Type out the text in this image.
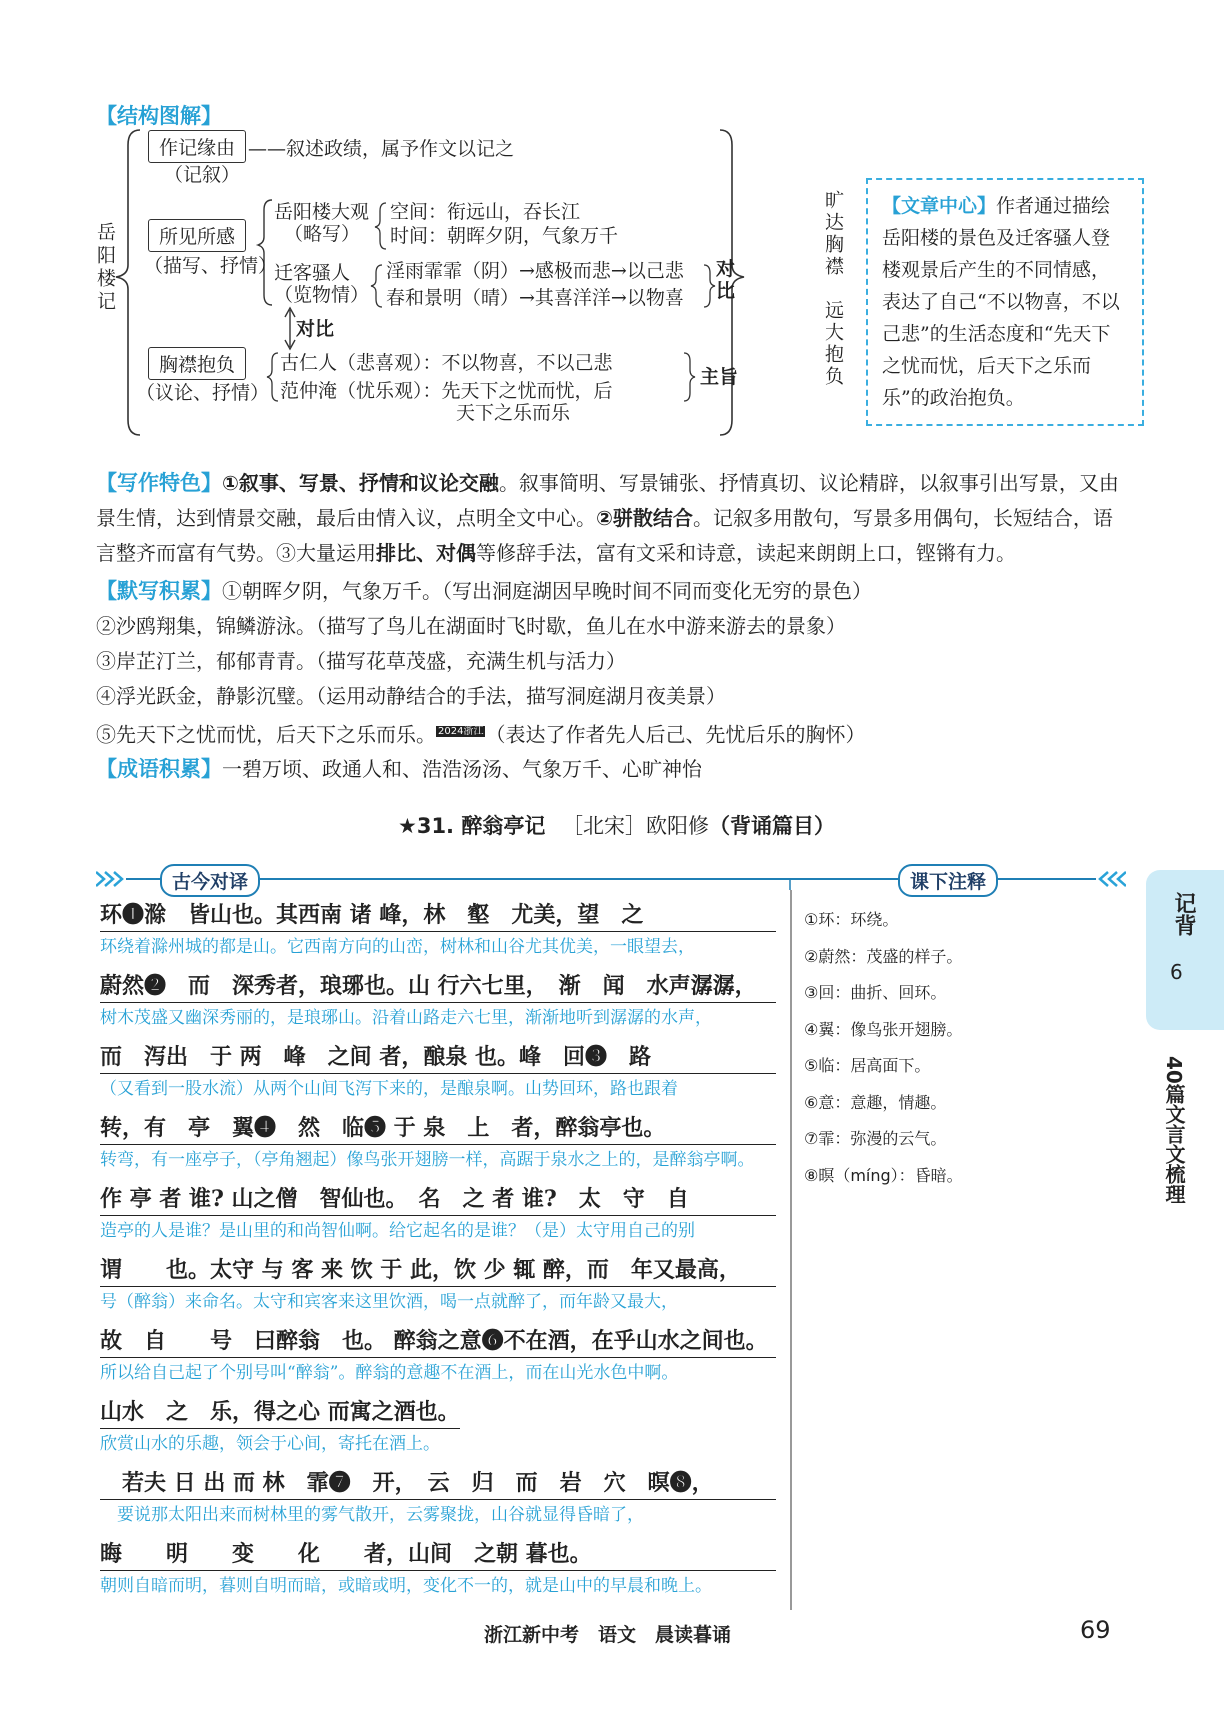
【结构图解】
岳阳楼记
作记缘由
（记叙）
——叙述政绩，属予作文以记之
所见所感
（描写、抒情）
岳阳楼大观
（略写）
空间：衔远山，吞长江
时间：朝晖夕阴，气象万千
迁客骚人
（览物情）
淫雨霏霏（阴）→感极而悲→以己悲
春和景明（晴）→其喜洋洋→以物喜
对比
对比
胸襟抱负
（议论、抒情）
古仁人（悲喜观）：不以物喜，不以己悲
范仲淹（忧乐观）：先天下之忧而忧，后
天下之乐而乐
主旨
旷达胸襟
远大抱负
【文章中心】作者通过描绘岳阳楼的景色及迁客骚人登楼观景后产生的不同情感，表达了自己“不以物喜，不以己悲”的生活态度和“先天下之忧而忧，后天下之乐而乐”的政治抱负。
【写作特色】①叙事、写景、抒情和议论交融。叙事简明、写景铺张、抒情真切、议论精辟，以叙事引出写景，又由景生情，达到情景交融，最后由情入议，点明全文中心。②骈散结合。记叙多用散句，写景多用偶句，长短结合，语言整齐而富有气势。③大量运用排比、对偶等修辞手法，富有文采和诗意，读起来朗朗上口，铿锵有力。
【默写积累】①朝晖夕阴，气象万千。（写出洞庭湖因早晚时间不同而变化无穷的景色）
②沙鸥翔集，锦鳞游泳。（描写了鸟儿在湖面时飞时歇，鱼儿在水中游来游去的景象）
③岸芷汀兰，郁郁青青。（描写花草茂盛，充满生机与活力）
④浮光跃金，静影沉璧。（运用动静结合的手法，描写洞庭湖月夜美景）
⑤先天下之忧而忧，后天下之乐而乐。 $^{2024浙江}$ （表达了作者先人后己、先忧后乐的胸怀）
【成语积累】一碧万顷、政通人和、浩浩汤汤、气象万千、心旷神怡
★31. 醉翁亭记 ［北宋］欧阳修（背诵篇目）
古今对译	课下注释
环❶滁　皆山也。其西南 诸 峰，林　壑　尤美，望　之
环绕着滁州城的都是山。它西南方向的山峦，树林和山谷尤其优美，一眼望去，
蔚然❷　而　深秀者，琅琊也。山 行六七里，　渐　闻　水声潺潺，
树木茂盛又幽深秀丽的，是琅琊山。沿着山路走六七里，渐渐地听到潺潺的水声，
而　泻出　于 两　峰　之间 者，酿泉 也。峰　回❸　路
（又看到一股水流）从两个山间飞泻下来的，是酿泉啊。山势回环，路也跟着
转，有　亭　翼❹　然　临❺ 于 泉　上　者，醉翁亭也。
转弯，有一座亭子，（亭角翘起）像鸟张开翅膀一样，高踞于泉水之上的，是醉翁亭啊。
作 亭 者 谁? 山之僧　智仙也。　名　之 者 谁?　太　守　自
造亭的人是谁？是山里的和尚智仙啊。给它起名的是谁？（是）太守用自己的别
谓　　也。太守 与 客 来 饮 于 此，饮 少 辄 醉，而　年又最高，
号（醉翁）来命名。太守和宾客来这里饮酒，喝一点就醉了，而年龄又最大，
故　自　　号　曰醉翁　也。 醉翁之意❻不在酒，在乎山水之间也。
所以给自己起了个别号叫“醉翁”。醉翁的意趣不在酒上，而在山光水色中啊。
山水　之　乐，得之心 而寓之酒也。
欣赏山水的乐趣，领会于心间，寄托在酒上。
　若夫 日 出 而 林　霏❼　开，　云　归　而　岩　穴　暝❽，
　要说那太阳出来而树林里的雾气散开，云雾聚拢，山谷就显得昏暗了，
晦　　明　　变　　化　　者，山间　之朝 暮也。
朝则自暗而明，暮则自明而暗，或暗或明，变化不一的，就是山中的早晨和晚上。
①环：环绕。
②蔚然：茂盛的样子。
③回：曲折、回环。
④翼：像鸟张开翅膀。
⑤临：居高面下。
⑥意：意趣，情趣。
⑦霏：弥漫的云气。
⑧暝（míng）：昏暗。
记背
6
40篇文言文梳理
浙江新中考　语文　晨读暮诵	69
